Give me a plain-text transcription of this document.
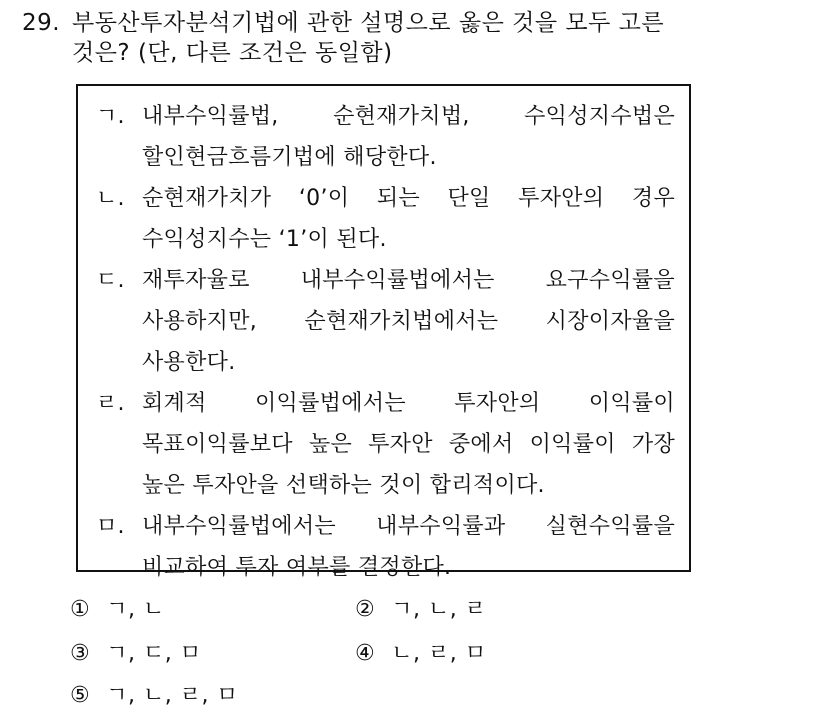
29. 부동산투자분석기법에 관한 설명으로 옳은 것을 모두 고른
것은? (단, 다른 조건은 동일함)
ㄱ. 내부수익률법, 순현재가치법, 수익성지수법은 할인현금흐름기법에 해당한다.
ㄴ. 순현재가치가 ‘0’이 되는 단일 투자안의 경우 수익성지수는 ‘1’이 된다.
ㄷ. 재투자율로 내부수익률법에서는 요구수익률을 사용하지만, 순현재가치법에서는 시장이자율을 사용한다.
ㄹ. 회계적 이익률법에서는 투자안의 이익률이 목표이익률보다 높은 투자안 중에서 이익률이 가장 높은 투자안을 선택하는 것이 합리적이다.
ㅁ. 내부수익률법에서는 내부수익률과 실현수익률을 비교하여 투자 여부를 결정한다.
① ㄱ, ㄴ	② ㄱ, ㄴ, ㄹ
③ ㄱ, ㄷ, ㅁ	④ ㄴ, ㄹ, ㅁ
⑤ ㄱ, ㄴ, ㄹ, ㅁ
